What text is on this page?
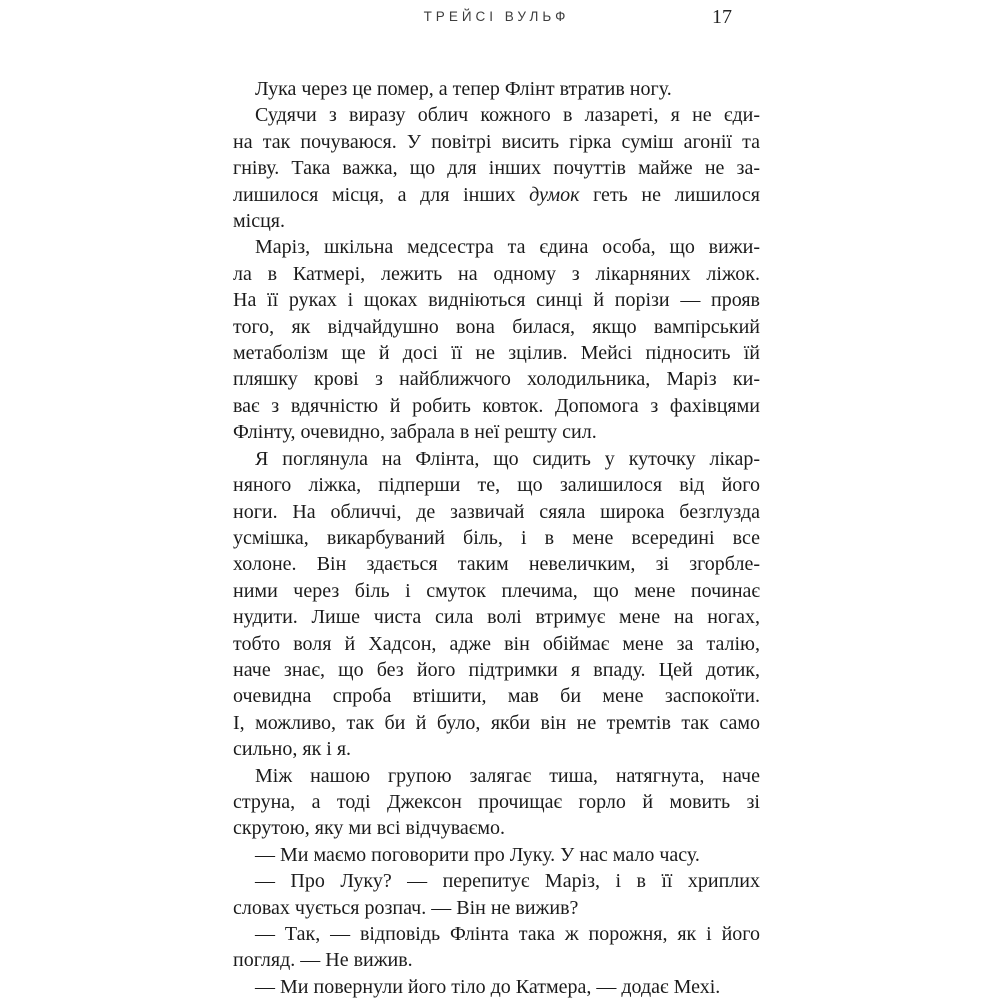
ТРЕЙСІ ВУЛЬФ	17
Лука через це помер, а тепер Флінт втратив ногу.
Судячи з виразу облич кожного в лазареті, я не єди-
на так почуваюся. У повітрі висить гірка суміш агонії та
гніву. Така важка, що для інших почуттів майже не за-
лишилося місця, а для інших думок геть не лишилося
місця.
Маріз, шкільна медсестра та єдина особа, що вижи-
ла в Катмері, лежить на одному з лікарняних ліжок.
На її руках і щоках видніються синці й порізи — прояв
того, як відчайдушно вона билася, якщо вампірський
метаболізм ще й досі її не зцілив. Мейсі підносить їй
пляшку крові з найближчого холодильника, Маріз ки-
ває з вдячністю й робить ковток. Допомога з фахівцями
Флінту, очевидно, забрала в неї решту сил.
Я поглянула на Флінта, що сидить у куточку лікар-
няного ліжка, підперши те, що залишилося від його
ноги. На обличчі, де зазвичай сяяла широка безглузда
усмішка, викарбуваний біль, і в мене всередині все
холоне. Він здається таким невеличким, зі згорбле-
ними через біль і смуток плечима, що мене починає
нудити. Лише чиста сила волі втримує мене на ногах,
тобто воля й Хадсон, адже він обіймає мене за талію,
наче знає, що без його підтримки я впаду. Цей дотик,
очевидна спроба втішити, мав би мене заспокоїти.
І, можливо, так би й було, якби він не тремтів так само
сильно, як і я.
Між нашою групою залягає тиша, натягнута, наче
струна, а тоді Джексон прочищає горло й мовить зі
скрутою, яку ми всі відчуваємо.
— Ми маємо поговорити про Луку. У нас мало часу.
— Про Луку? — перепитує Маріз, і в її хриплих
словах чується розпач. — Він не вижив?
— Так, — відповідь Флінта така ж порожня, як і його
погляд. — Не вижив.
— Ми повернули його тіло до Катмера, — додає Мехі.
